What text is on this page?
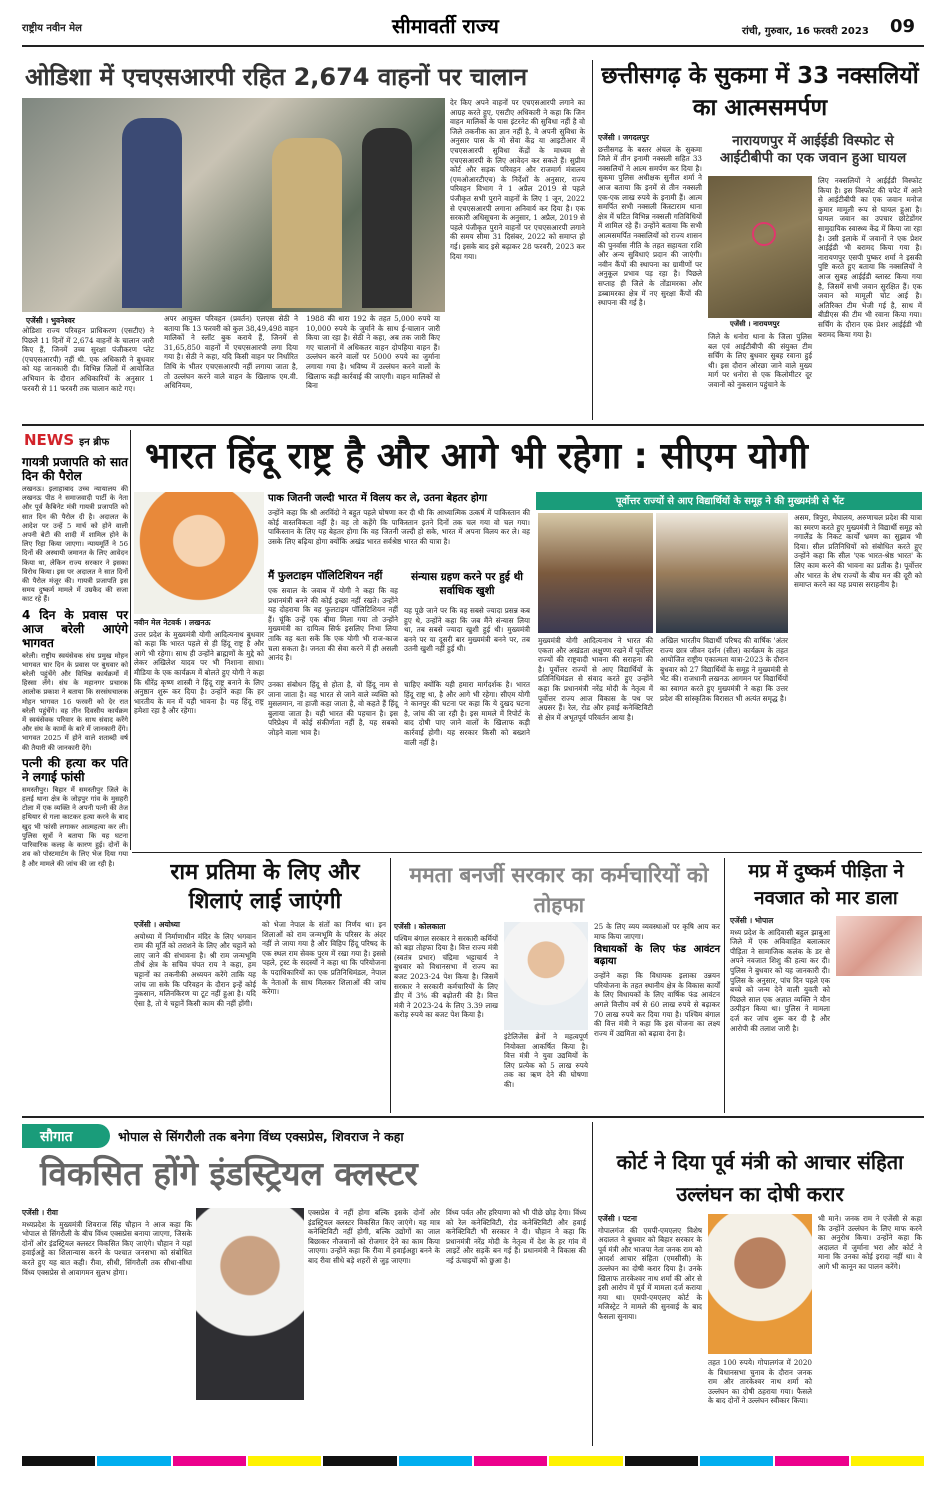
राष्ट्रीय नवीन मेल	सीमावर्ती राज्य	रांची, गुरुवार, 16 फरवरी 2023 09
ओडिशा में एचएसआरपी रहित 2,674 वाहनों पर चालान
एजेंसी । भुवनेश्वर
ओडिशा राज्य परिवहन प्राधिकरण (एसटीए) ने पिछले 11 दिनों में 2,674 वाहनों के चालान जारी किए हैं, जिनमें उच्च सुरक्षा पंजीकरण प्लेट (एचएसआरपी) नहीं थी. एक अधिकारी ने बुधवार को यह जानकारी दी। विभिन्न जिलों में आयोजित अभियान के दौरान अधिकारियों के अनुसार 1 फरवरी से 11 फरवरी तक चालान काटे गए।
अपर आयुक्त परिवहन (प्रवर्तन) एलएस सेठी ने बताया कि 13 फरवरी को कुल 38,49,498 वाहन मालिकों ने स्लॉट बुक कराये हैं, जिनमें से 31,65,850 वाहनों में एचएसआरपी लगा दिया गया है। सेठी ने कहा, यदि किसी वाहन पर निर्धारित तिथि के भीतर एचएसआरपी नहीं लगाया जाता है, तो उल्लंघन करने वाले वाहन के खिलाफ एम.वी. अधिनियम,
1988 की धारा 192 के तहत 5,000 रुपये या 10,000 रुपये के जुर्माने के साथ ई-चालान जारी किया जा रहा है। सेठी ने कहा, अब तक जारी किए गए चालानों में अधिकतर वाहन दोपहिया वाहन हैं। उल्लंघन करने वालों पर 5000 रुपये का जुर्माना लगाया गया है। भविष्य में उल्लंघन करने वालों के खिलाफ कड़ी कार्रवाई की जाएगी। वाहन मालिकों से बिना
देर किए अपने वाहनों पर एचएसआरपी लगाने का आग्रह करते हुए, एसटीए अधिकारी ने कहा कि जिन वाहन मालिकों के पास इंटरनेट की सुविधा नहीं है वो जिले तकनीक का ज्ञान नहीं है, वे अपनी सुविधा के अनुसार पास के मो सेवा केंद्र या आइटीआर में एचएसआरपी सुविधा केंद्रों के माध्यम से एचएसआरपी के लिए आवेदन कर सकते हैं। सुप्रीम कोर्ट और सड़क परिवहन और राजमार्ग मंत्रालय (एमओआरटीएच) के निर्देशों के अनुसार, राज्य परिवहन विभाग ने 1 अप्रैल 2019 से पहले पंजीकृत सभी पुराने वाहनों के लिए 1 जून, 2022 से एचएसआरपी लगाना अनिवार्य कर दिया है। एक सरकारी अधिसूचना के अनुसार, 1 अप्रैल, 2019 से पहले पंजीकृत पुराने वाहनों पर एचएसआरपी लगाने की समय सीमा 31 दिसंबर, 2022 को समाप्त हो गई। इसके बाद इसे बढ़ाकर 28 फरवरी, 2023 कर दिया गया।
छत्तीसगढ़ के सुकमा में 33 नक्सलियों का आत्मसमर्पण
एजेंसी । जगदलपुर
छत्तीसगढ़ के बस्तर अंचल के सुकमा जिले में तीन इनामी नक्सली सहित 33 नक्सलियों ने आत्म समर्पण कर दिया है। सुकमा पुलिस अधीक्षक सुनील शर्मा ने आज बताया कि इनमें से तीन नक्सली एक-एक लाख रुपये के इनामी हैं। आत्म समर्पित सभी नक्सली किस्टाराम थाना क्षेत्र में घटित विभिन्न नक्सली गतिविधियों में शामिल रहे हैं। उन्होंने बताया कि सभी आत्मसमर्पित नक्सलियों को राज्य शासन की पुनर्वास नीति के तहत सहायता राशि और अन्य सुविधाएं प्रदान की जाएंगी। नवीन कैंपों की स्थापना का ग्रामीणों पर अनुकूल प्रभाव पड़ रहा है। पिछले सप्ताह ही जिले के तोंडामरका और डब्बामरका क्षेत्र में नए सुरक्षा कैंपों की स्थापना की गई है।
नारायणपुर में आईईडी विस्फोट से आईटीबीपी का एक जवान हुआ घायल
एजेंसी । नारायणपुर
जिले के धनोरा थाना के जिला पुलिस बल एवं आईटीबीपी की संयुक्त टीम सर्चिंग के लिए बुधवार सुबह रवाना हुई थी। इस दौरान ओरछा जाने वाले मुख्य मार्ग पर धनोरा से एक किलोमीटर दूर जवानों को नुकसान पहुंचाने के
लिए नक्सलियों ने आईईडी विस्फोट किया है। इस विस्फोट की चपेट में आने से आईटीबीपी का एक जवान मनोज कुमार मामूली रूप से घायल हुआ है। घायल जवान का उपचार छोटेडोंगर सामुदायिक स्वास्थ्य केंद्र में किया जा रहा है। उसी इलाके में जवानों ने एक प्रेशर आईईडी भी बरामद किया गया है। नारायणपुर एसपी पुष्कर शर्मा ने इसकी पुष्टि करते हुए बताया कि नक्सलियों ने आज सुबह आईईडी ब्लास्ट किया गया है, जिसमें सभी जवान सुरक्षित हैं। एक जवान को मामूली चोट आई है। अतिरिक्त टीम भेजी गई है, साथ में बीडीएस की टीम भी रवाना किया गया। सर्चिंग के दौरान एक प्रेशर आईईडी भी बरामद किया गया है।
NEWS इन ब्रीफ
गायत्री प्रजापति को सात दिन की पैरोल

लखनऊ। इलाहाबाद उच्च न्यायालय की लखनऊ पीठ ने समाजवादी पार्टी के नेता और पूर्व कैबिनेट मंत्री गायत्री प्रजापति को सात दिन की पैरोल दी है। अदालत के आदेश पर उन्हें 5 मार्च को होने वाली अपनी बेटी की शादी में शामिल होने के लिए रिहा किया जाएगा। न्यायमूर्ति ने 56 दिनों की अस्थायी जमानत के लिए आवेदन किया था, लेकिन राज्य सरकार ने इसका विरोध किया। इस पर अदालत ने सात दिनों की पैरोल मंजूर की। गायत्री प्रजापति इस समय दुष्कर्म मामले में उम्रकैद की सजा काट रहे हैं।

4 दिन के प्रवास पर आज बरेली आएंगे भागवत

बरेली। राष्ट्रीय स्वयंसेवक संघ प्रमुख मोहन भागवत चार दिन के प्रवास पर बुधवार को बरेली पहुंचेंगे और विभिन्न कार्यक्रमों में हिस्सा लेंगे। संघ के महानगर प्रचारक आलोक प्रकाश ने बताया कि सरसंघचालक मोहन भागवत 16 फरवरी को देर रात बरेली पहुंचेंगे। वह तीन दिवसीय कार्यक्रम में स्वयंसेवक परिवार के साथ संवाद करेंगे और संघ के कामों के बारे में जानकारी देंगे। भागवत 2025 में होने वाले शताब्दी वर्ष की तैयारी की जानकारी देंगे।

पत्नी की हत्या कर पति ने लगाई फांसी

समस्तीपुर। बिहार में समस्तीपुर जिले के हलई थाना क्षेत्र के जोड़पुर गांव के मुसहरी टोला में एक व्यक्ति ने अपनी पत्नी की तेज हथियार से गला काटकर हत्या करने के बाद खुद भी फांसी लगाकर आत्महत्या कर ली। पुलिस सूत्रों ने बताया कि यह घटना पारिवारिक कलह के कारण हुई। दोनों के शव को पोस्टमार्टम के लिए भेज दिया गया है और मामले की जांच की जा रही है।

भारत हिंदू राष्ट्र है और आगे भी रहेगा : सीएम योगी
नवीन मेल नेटवर्क । लखनऊ
उत्तर प्रदेश के मुख्यमंत्री योगी आदित्यनाथ बुधवार को कहा कि भारत पहले से ही हिंदू राष्ट्र है और आगे भी रहेगा। साथ ही उन्होंने ब्राह्मणों के मुद्दे को लेकर अखिलेश यादव पर भी निशाना साधा। मीडिया के एक कार्यक्रम में बोलते हुए योगी ने कहा कि धीरेंद्र कृष्ण शास्त्री ने हिंदू राष्ट्र बनाने के लिए अनुष्ठान शुरू कर दिया है। उन्होंने कहा कि हर भारतीय के मन में यही भावना है। यह हिंदू राष्ट्र हमेशा रहा है और रहेगा।
पाक जितनी जल्दी भारत में विलय कर ले, उतना बेहतर होगा
उन्होंने कहा कि श्री अरविंदो ने बहुत पहले घोषणा कर दी थी कि आध्यात्मिक उत्कर्ष में पाकिस्तान की कोई वास्तविकता नहीं है। वह तो कहेंगे कि पाकिस्तान इतने दिनों तक चल गया वो चल गया। पाकिस्तान के लिए यह बेहतर होगा कि वह जितनी जल्दी हो सके, भारत में अपना विलय कर ले। वह उसके लिए बढ़िया होगा क्योंकि अखंड भारत सर्वश्रेष्ठ भारत की यात्रा है।
मैं फुलटाइम पॉलिटिशियन नहीं
एक सवाल के जवाब में योगी ने कहा कि वह प्रधानमंत्री बनने की कोई इच्छा नहीं रखते। उन्होंने यह दोहराया कि वह फुलटाइम पॉलिटिशियन नहीं हैं। चूंकि उन्हें एक बीमा मिला गया तो उन्होंने मुख्यमंत्री का दायित्व सिर्फ इसलिए निभा लिया ताकि वह बता सकें कि एक योगी भी राज-काज चला सकता है। जनता की सेवा करने में ही असली आनंद है।
संन्यास ग्रहण करने पर हुई थी सर्वाधिक खुशी
यह पूछे जाने पर कि वह सबसे ज्यादा प्रसन्न कब हुए थे, उन्होंने कहा कि जब मैंने संन्यास लिया था, तब सबसे ज्यादा खुशी हुई थी। मुख्यमंत्री बनने पर या दूसरी बार मुख्यमंत्री बनने पर, तब उतनी खुशी नहीं हुई थी।
उनका संबोधन हिंदू से होता है, वो हिंदू नाम से जाना जाता है। वह भारत से जाने वाले व्यक्ति को मुसलमान, ना हाजी कहा जाता है, वो कहते हैं हिंदू बुलाया जाता है। यही भारत की पहचान है। इस परिप्रेक्ष्य में कोई संकीर्णता नहीं है, यह सबको जोड़ने वाला भाव है।
चाहिए क्योंकि यही हमारा मार्गदर्शक है। भारत हिंदू राष्ट्र था, है और आगे भी रहेगा। सीएम योगी ने कानपुर की घटना पर कहा कि ये दुखद घटना है, जांच की जा रही है। इस मामले में रिपोर्ट के बाद दोषी पाए जाने वालों के खिलाफ कड़ी कार्रवाई होगी। यह सरकार किसी को बख्शने वाली नहीं है।
पूर्वोत्तर राज्यों से आए विद्यार्थियों के समूह ने की मुख्यमंत्री से भेंट
मुख्यमंत्री योगी आदित्यनाथ ने भारत की एकता और अखंडता अक्षुण्ण रखने में पूर्वोत्तर राज्यों की राष्ट्रवादी भावना की सराहना की है। पूर्वोत्तर राज्यों से आए विद्यार्थियों के प्रतिनिधिमंडल से संवाद करते हुए उन्होंने कहा कि प्रधानमंत्री नरेंद्र मोदी के नेतृत्व में पूर्वोत्तर राज्य आज विकास के पथ पर अग्रसर हैं। रेल, रोड और हवाई कनेक्टिविटी से क्षेत्र में अभूतपूर्व परिवर्तन आया है।
अखिल भारतीय विद्यार्थी परिषद की वार्षिक 'अंतर राज्य छात्र जीवन दर्शन (सील) कार्यक्रम के तहत आयोजित राष्ट्रीय एकात्मता यात्रा-2023 के दौरान बुधवार को 27 विद्यार्थियों के समूह ने मुख्यमंत्री से भेंट की। राजधानी लखनऊ आगमन पर विद्यार्थियों का स्वागत करते हुए मुख्यमंत्री ने कहा कि उत्तर प्रदेश की सांस्कृतिक विरासत भी अत्यंत समृद्ध है।
असम, त्रिपुरा, मेघालय, अरुणाचल प्रदेश की यात्रा का स्मरण करते हुए मुख्यमंत्री ने विद्यार्थी समूह को नगालैंड के निकट कार्यों भ्रमण का सुझाव भी दिया। सील प्रतिनिधियों को संबोधित करते हुए उन्होंने कहा कि सील 'एक भारत-श्रेष्ठ भारत' के लिए काम करने की भावना का प्रतीक है। पूर्वोत्तर और भारत के शेष राज्यों के बीच मन की दूरी को समाप्त करने का यह प्रयास सराहनीय है।
राम प्रतिमा के लिए और शिलाएं लाई जाएंगी
एजेंसी । अयोध्या
अयोध्या में निर्माणाधीन मंदिर के लिए भगवान राम की मूर्ति को तराशने के लिए और चट्टानें को लाए जाने की संभावना है। श्री राम जन्मभूमि तीर्थ क्षेत्र के सचिव चंपत राय ने कहा, हम चट्टानों का तकनीकी अध्ययन करेंगे ताकि यह जांच जा सके कि परिवहन के दौरान इन्हें कोई नुकसान, मलिनकिरण या टूट नहीं हुआ है। यदि ऐसा है, तो ये चट्टानें किसी काम की नहीं होंगी।
को भेजा नेपाल के संतों का निर्णय था। इन शिलाओं को राम जन्मभूमि के परिसर के अंदर नहीं ले जाया गया है और विहिप हिंदू परिषद के एक स्थल राम सेवक पुरम में रखा गया है। इससे पहले, ट्रस्ट के सदस्यों ने कहा था कि परियोजना के पदाधिकारियों का एक प्रतिनिधिमंडल, नेपाल के नेताओं के साथ मिलकर शिलाओं की जांच करेगा।
ममता बनर्जी सरकार का कर्मचारियों को तोहफा
एजेंसी । कोलकाता
पश्चिम बंगाल सरकार ने सरकारी कर्मियों को बड़ा तोहफा दिया है। वित्त राज्य मंत्री (स्वतंत्र प्रभार) चंद्रिमा भट्टाचार्य ने बुधवार को विधानसभा में राज्य का बजट 2023-24 पेश किया है। जिसमें सरकार ने सरकारी कर्मचारियों के लिए डीए में 3% की बढ़ोतरी की है। वित्त मंत्री ने 2023-24 के लिए 3.39 लाख करोड़ रुपये का बजट पेश किया है।
इंटेलिजेंस ब्रेनों ने महत्वपूर्ण नियोक्ता आकर्षित किया है। वित्त मंत्री ने युवा उद्यमियों के लिए प्रत्येक को 5 लाख रुपये तक का ऋण देने की घोषणा की।
25 के लिए व्यय व्यवस्थाओं पर कृषि आय कर माफ किया जाएगा।
विधायकों के लिए फंड आवंटन बढ़ाया
उन्होंने कहा कि विधायक इलाका उन्नयन परियोजना के तहत स्थानीय क्षेत्र के विकास कार्यों के लिए विधायकों के लिए वार्षिक फंड आवंटन अगले वित्तीय वर्ष से 60 लाख रुपये से बढ़ाकर 70 लाख रुपये कर दिया गया है। पश्चिम बंगाल की वित्त मंत्री ने कहा कि इस योजना का लक्ष्य राज्य में उद्यमिता को बढ़ावा देना है।
मप्र में दुष्कर्म पीड़िता ने नवजात को मार डाला
एजेंसी । भोपाल
मध्य प्रदेश के आदिवासी बहुल झाबुआ जिले में एक अविवाहित बलात्कार पीड़िता ने सामाजिक कलंक के डर से अपने नवजात शिशु की हत्या कर दी। पुलिस ने बुधवार को यह जानकारी दी। पुलिस के अनुसार, पांच दिन पहले एक बच्चे को जन्म देने वाली युवती को पिछले साल एक अज्ञात व्यक्ति ने यौन उत्पीड़न किया था। पुलिस ने मामला दर्ज कर जांच शुरू कर दी है और आरोपी की तलाश जारी है।
सौगात	भोपाल से सिंगरौली तक बनेगा विंध्य एक्सप्रेस, शिवराज ने कहा
विकसित होंगे इंडस्ट्रियल क्लस्टर
एजेंसी । रीवा
मध्यप्रदेश के मुख्यमंत्री शिवराज सिंह चौहान ने आज कहा कि भोपाल से सिंगरौली के बीच विंध्य एक्सप्रेस बनाया जाएगा, जिसके दोनों ओर इंडस्ट्रियल क्लस्टर विकसित किए जाएंगे। चौहान ने यहां हवाईअड्डे का शिलान्यास करने के पश्चात जनसभा को संबोधित करते हुए यह बात कही। रीवा, सीधी, सिंगरौली तक सीधा-सीधा विंध्य एक्सप्रेस से आवागमन सुलभ होगा।
एक्सप्रेस वे नहीं होगा बल्कि इसके दोनों ओर इंडस्ट्रियल क्लस्टर विकसित किए जाएंगे। यह मात्र कनेक्टिविटी नहीं होगी, बल्कि उद्योगों का जाल बिछाकर नौजवानों को रोजगार देने का काम किया जाएगा। उन्होंने कहा कि रीवा में हवाईअड्डा बनने के बाद रीवा सीधे बड़े शहरों से जुड़ जाएगा।
विंध्य पर्वत और हरियाणा को भी पीछे छोड़ देगा। विंध्य को रेल कनेक्टिविटी, रोड कनेक्टिविटी और हवाई कनेक्टिविटी भी सरकार ने दी। चौहान ने कहा कि प्रधानमंत्री नरेंद्र मोदी के नेतृत्व में देश के हर गांव में लाइटें और सड़कें बन गई हैं। प्रधानमंत्री ने विकास की नई ऊंचाइयों को छुआ है।
कोर्ट ने दिया पूर्व मंत्री को आचार संहिता उल्लंघन का दोषी करार
एजेंसी । पटना
गोपालगंज की एमपी-एमएलए विशेष अदालत ने बुधवार को बिहार सरकार के पूर्व मंत्री और भाजपा नेता जनक राम को आदर्श आचार संहिता (एमसीसी) के उल्लंघन का दोषी करार दिया है। उनके खिलाफ तारकेश्वर नाथ शर्मा की ओर से इसी आरोप में पूर्व में मामला दर्ज कराया गया था। एमपी-एमएलए कोर्ट के मजिस्ट्रेट ने मामले की सुनवाई के बाद फैसला सुनाया।
तहत 100 रुपये। गोपालगंज में 2020 के विधानसभा चुनाव के दौरान जनक राम और तारकेश्वर नाथ शर्मा को उल्लंघन का दोषी ठहराया गया। फैसले के बाद दोनों ने उल्लंघन स्वीकार किया।
भी माने। जनक राम ने एजेंसी से कहा कि उन्होंने उल्लंघन के लिए माफ करने का अनुरोध किया। उन्होंने कहा कि अदालत में जुर्माना भरा और कोर्ट ने माना कि उनका कोई इरादा नहीं था। वे आगे भी कानून का पालन करेंगे।
